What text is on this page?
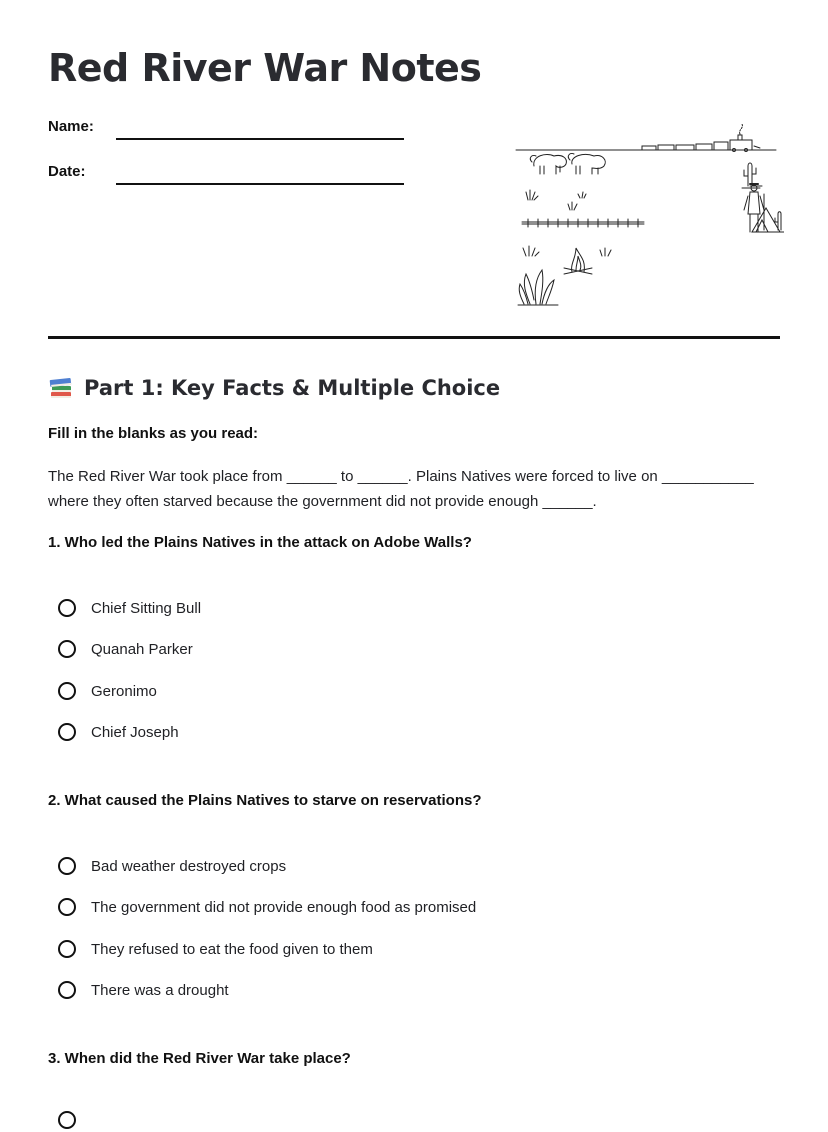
Red River War Notes
Name:
Date:
Part 1: Key Facts & Multiple Choice
Fill in the blanks as you read:

The Red River War took place from ______ to ______. Plains Natives were forced to live on ___________ where they often starved because the government did not provide enough ______.

1. Who led the Plains Natives in the attack on Adobe Walls?
Chief Sitting Bull
Quanah Parker
Geronimo
Chief Joseph
2. What caused the Plains Natives to starve on reservations?
Bad weather destroyed crops
The government did not provide enough food as promised
They refused to eat the food given to them
There was a drought
3. When did the Red River War take place?
